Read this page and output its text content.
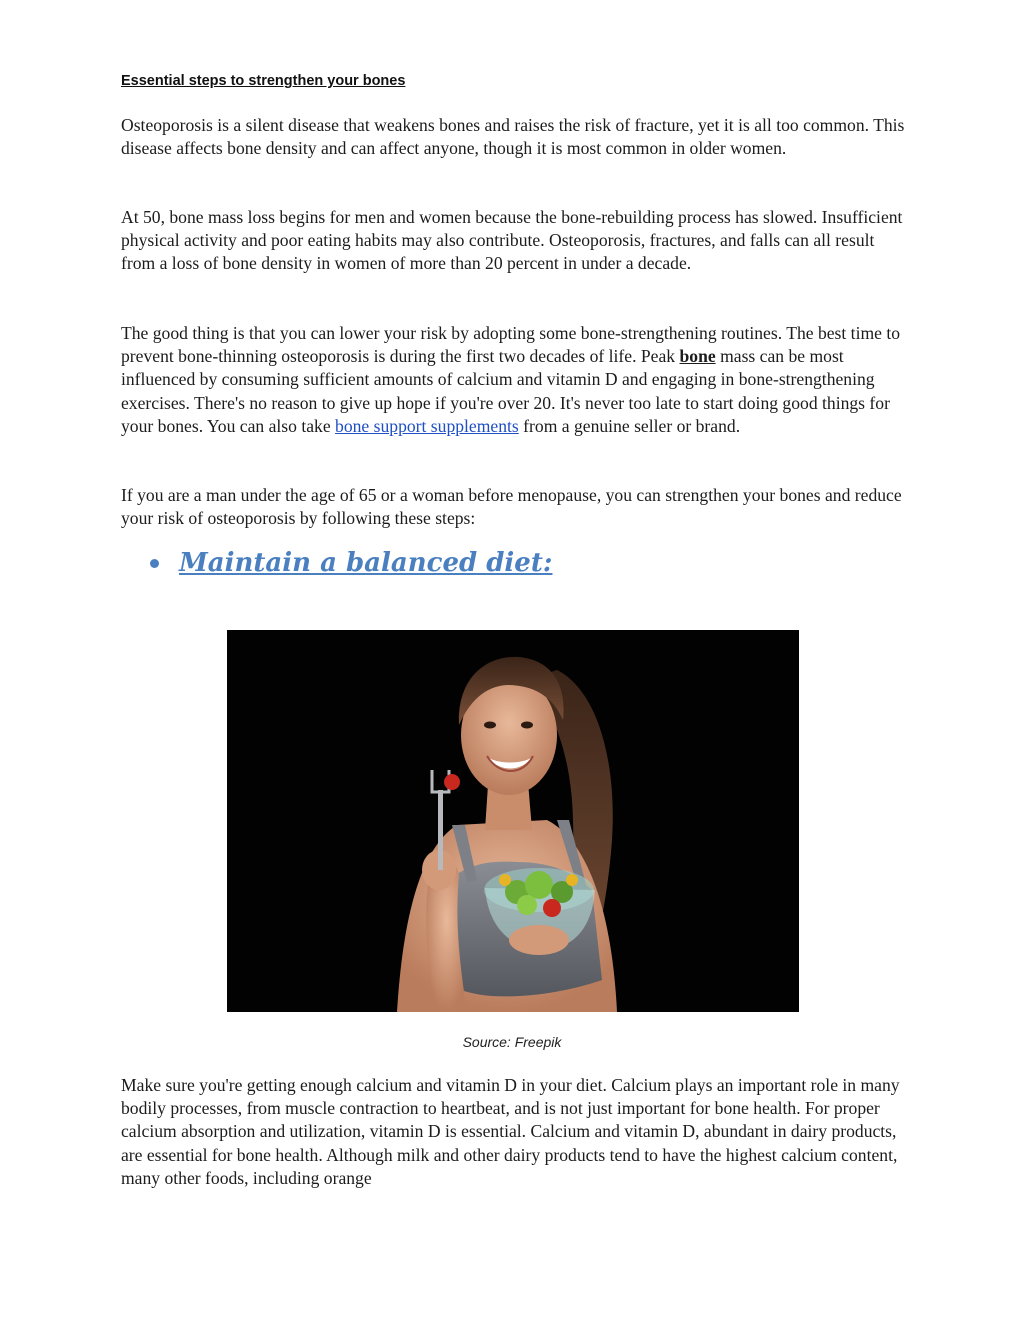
Essential steps to strengthen your bones

Osteoporosis is a silent disease that weakens bones and raises the risk of fracture, yet it is all too common. This disease affects bone density and can affect anyone, though it is most common in older women.

At 50, bone mass loss begins for men and women because the bone-rebuilding process has slowed. Insufficient physical activity and poor eating habits may also contribute. Osteoporosis, fractures, and falls can all result from a loss of bone density in women of more than 20 percent in under a decade.

The good thing is that you can lower your risk by adopting some bone-strengthening routines. The best time to prevent bone-thinning osteoporosis is during the first two decades of life. Peak bone mass can be most influenced by consuming sufficient amounts of calcium and vitamin D and engaging in bone-strengthening exercises. There's no reason to give up hope if you're over 20. It's never too late to start doing good things for your bones. You can also take bone support supplements from a genuine seller or brand.

If you are a man under the age of 65 or a woman before menopause, you can strengthen your bones and reduce your risk of osteoporosis by following these steps:

Maintain a balanced diet:
Source: Freepik

Make sure you're getting enough calcium and vitamin D in your diet. Calcium plays an important role in many bodily processes, from muscle contraction to heartbeat, and is not just important for bone health. For proper calcium absorption and utilization, vitamin D is essential. Calcium and vitamin D, abundant in dairy products, are essential for bone health. Although milk and other dairy products tend to have the highest calcium content, many other foods, including orange
